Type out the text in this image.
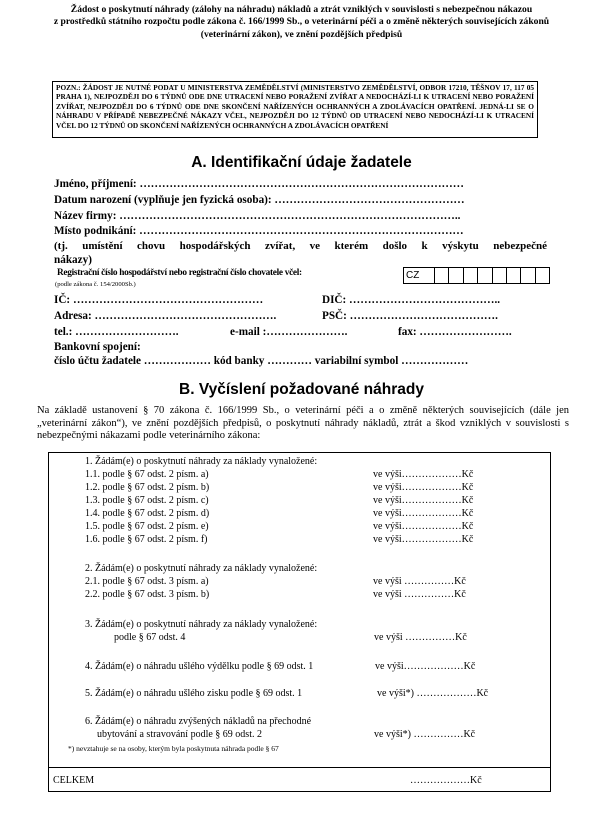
Žádost o poskytnutí náhrady (zálohy na náhradu) nákladů a ztrát vzniklých v souvislosti s nebezpečnou nákazou
z prostředků státního rozpočtu podle zákona č. 166/1999 Sb., o veterinární péči a o změně některých souvisejících zákonů
(veterinární zákon), ve znění pozdějších předpisů
POZN.: ŽÁDOST JE NUTNÉ PODAT U MINISTERSTVA ZEMĚDĚLSTVÍ (MINISTERSTVO ZEMĚDĚLSTVÍ, ODBOR 17210, TĚŠNOV 17, 117 05 PRAHA 1), NEJPOZDĚJI DO 6 TÝDNŮ ODE DNE UTRACENÍ NEBO PORAŽENÍ ZVÍŘAT A NEDOCHÁZÍ-LI K UTRACENÍ NEBO PORAŽENÍ ZVÍŘAT, NEJPOZDĚJI DO 6 TÝDNŮ ODE DNE SKONČENÍ NAŘÍZENÝCH OCHRANNÝCH A ZDOLÁVACÍCH OPATŘENÍ. JEDNÁ-LI SE O NÁHRADU V PŘÍPADĚ NEBEZPEČNÉ NÁKAZY VČEL, NEJPOZDĚJI DO 12 TÝDNŮ OD UTRACENÍ NEBO NEDOCHÁZÍ-LI K UTRACENÍ VČEL DO 12 TÝDNŮ OD SKONČENÍ NAŘÍZENÝCH OCHRANNÝCH A ZDOLÁVACÍCH OPATŘENÍ
A. Identifikační údaje žadatele
Jméno, příjmení: ……………………………………………………………………………
Datum narození (vyplňuje jen fyzická osoba): ……………………………………………
Název firmy: ………………………………………………………………………………..
Místo podnikání: ……………………………………………………………………………
(tj. umístění chovu hospodářských zvířat, ve kterém došlo k výskytu nebezpečné
nákazy)
Registrační číslo hospodářství nebo registrační číslo chovatele včel:
(podle zákona č. 154/2000Sb.)
CZ
IČ: ……………………………………………	DIČ: …………………………………..
Adresa: ………………………………………….	PSČ: ………………………………….
tel.: ……………………….	e-mail :………………….	fax: …………………….
Bankovní spojení:
číslo účtu žadatele ……………… kód banky ………… variabilní symbol ………………
B. Vyčíslení požadované náhrady
Na základě ustanovení § 70 zákona č. 166/1999 Sb., o veterinární péči a o změně některých souvisejících (dále jen „veterinární zákon“), ve znění pozdějších předpisů, o poskytnutí náhrady nákladů, ztrát a škod vzniklých v souvislosti s nebezpečnými nákazami podle veterinárního zákona:
1. Žádám(e) o poskytnutí náhrady za náklady vynaložené:
1.1. podle § 67 odst. 2 písm. a)	ve výši………………Kč
1.2. podle § 67 odst. 2 písm. b)	ve výši………………Kč
1.3. podle § 67 odst. 2 písm. c)	ve výši………………Kč
1.4. podle § 67 odst. 2 písm. d)	ve výši………………Kč
1.5. podle § 67 odst. 2 písm. e)	ve výši………………Kč
1.6. podle § 67 odst. 2 písm. f)	ve výši………………Kč
2. Žádám(e) o poskytnutí náhrady za náklady vynaložené:
2.1. podle § 67 odst. 3 písm. a)	ve výši ……………Kč
2.2. podle § 67 odst. 3 písm. b)	ve výši ……………Kč
3. Žádám(e) o poskytnutí náhrady za náklady vynaložené:
podle § 67 odst. 4	ve výši ……………Kč
4. Žádám(e) o náhradu ušlého výdělku podle § 69 odst. 1	ve výši………………Kč
5. Žádám(e) o náhradu ušlého zisku podle § 69 odst. 1	ve výši*) ………………Kč
6. Žádám(e) o náhradu zvýšených nákladů na přechodné
ubytování a stravování podle § 69 odst. 2	ve výši*) ……………Kč
*) nevztahuje se na osoby, kterým byla poskytnuta náhrada podle § 67
CELKEM	………………Kč
